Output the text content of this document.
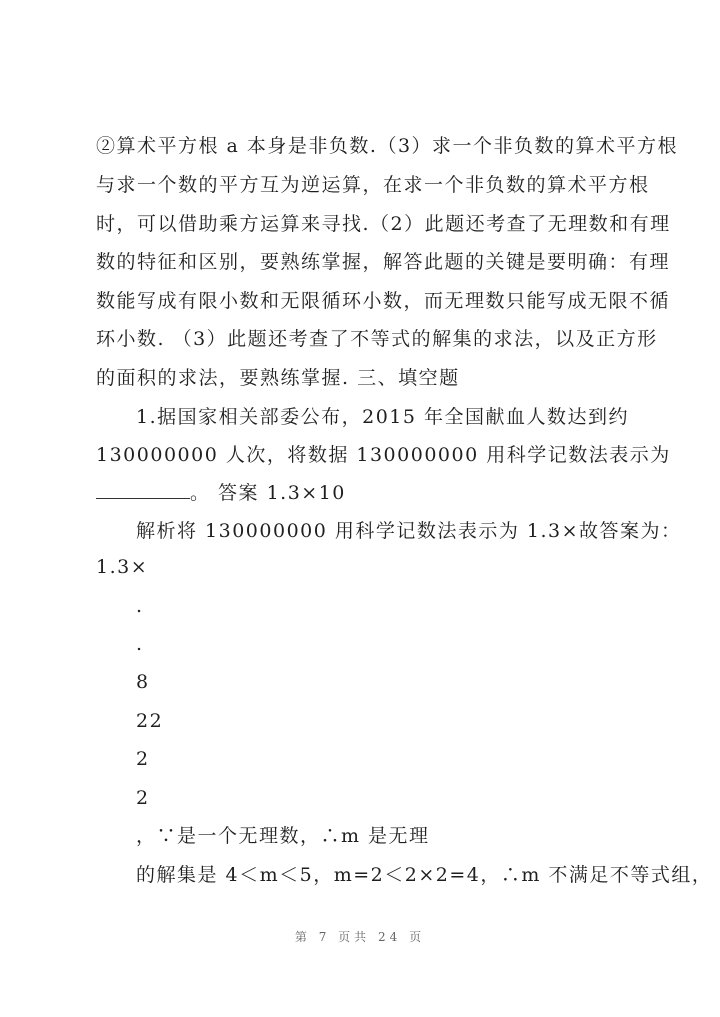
②算术平方根 a 本身是非负数.（3）求一个非负数的算术平方根
与求一个数的平方互为逆运算，在求一个非负数的算术平方根
时，可以借助乘方运算来寻找.（2）此题还考查了无理数和有理
数的特征和区别，要熟练掌握，解答此题的关键是要明确：有理
数能写成有限小数和无限循环小数，而无理数只能写成无限不循
环小数. （3）此题还考查了不等式的解集的求法，以及正方形
的面积的求法，要熟练掌握. 三、填空题
1.据国家相关部委公布，2015 年全国献血人数达到约
130000000 人次，将数据 130000000 用科学记数法表示为
。 答案 1.3×10
解析将 130000000 用科学记数法表示为 1.3×故答案为：
1.3×
.
.
8
22
2
2
，∵是一个无理数，∴m 是无理
的解集是 4＜m＜5，m=2＜2×2=4，∴m 不满足不等式组，
第 7 页共 24 页
